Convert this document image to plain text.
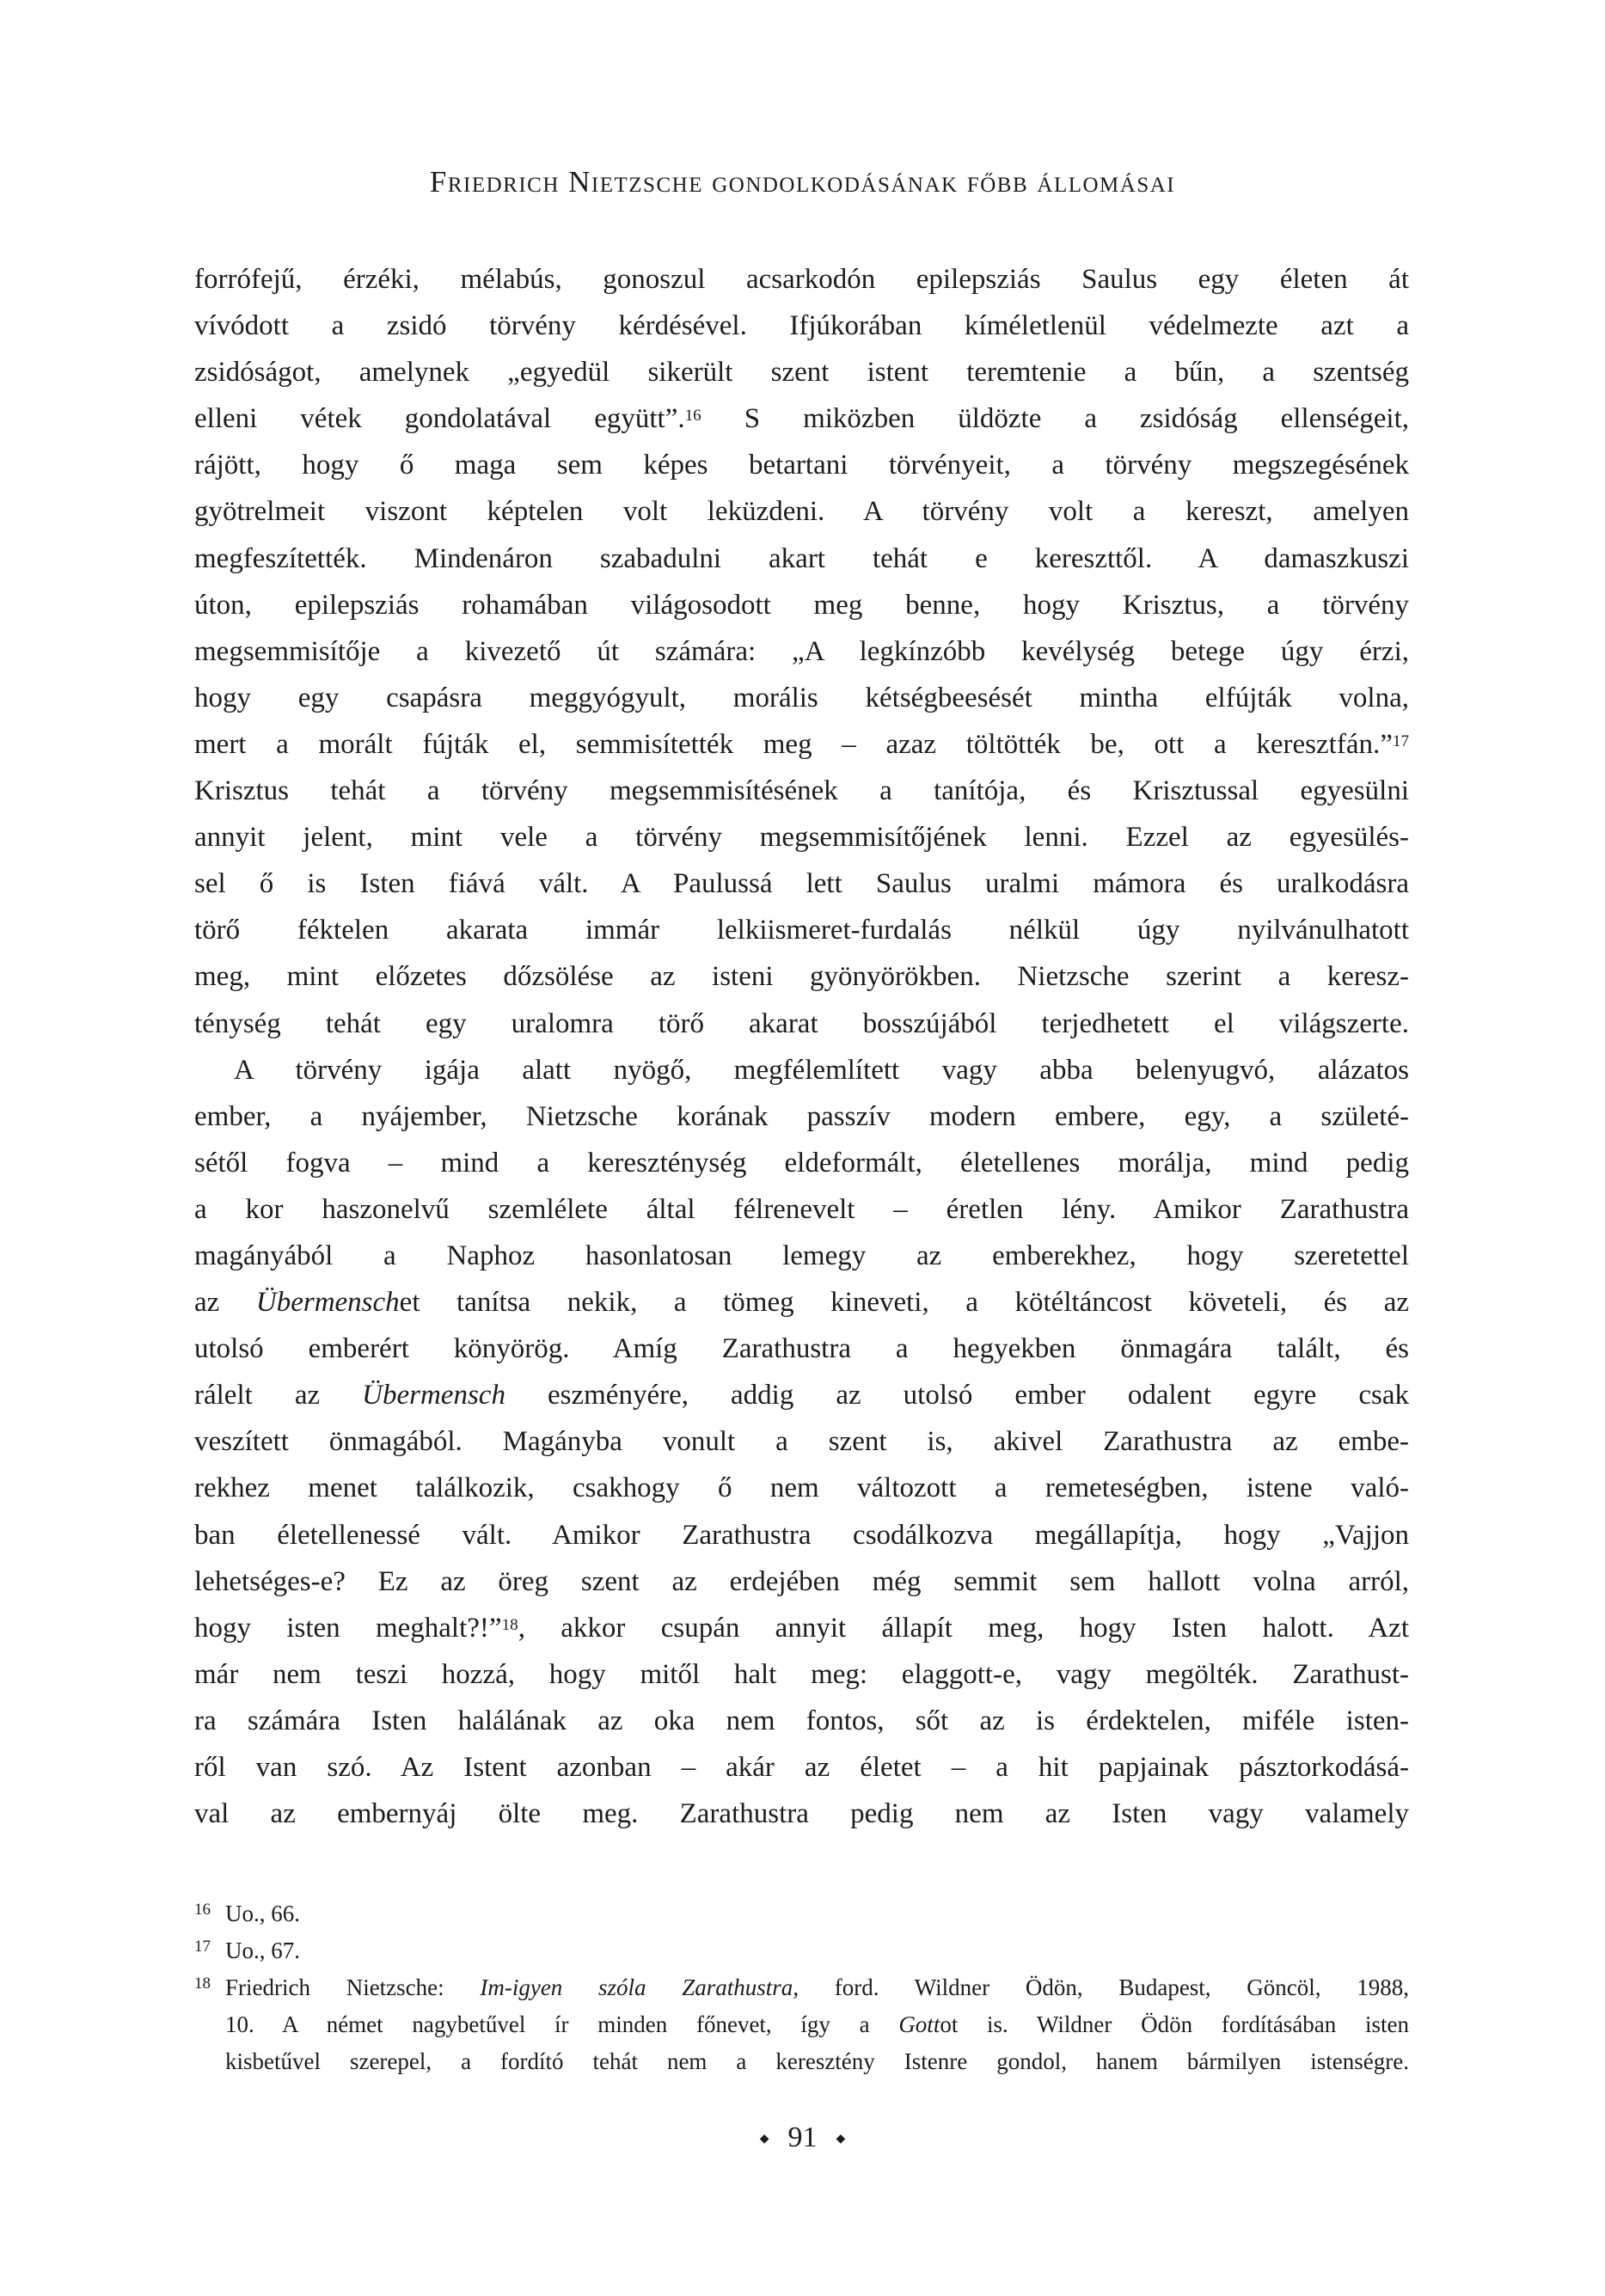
Friedrich Nietzsche gondolkodásának főbb állomásai
forrófejű, érzéki, mélabús, gonoszul acsarkodón epilepsziás Saulus egy életen át
vívódott a zsidó törvény kérdésével. Ifjúkorában kíméletlenül védelmezte azt a
zsidóságot, amelynek „egyedül sikerült szent istent teremtenie a bűn, a szentség
elleni vétek gondolatával együtt”.$^{16}$ S miközben üldözte a zsidóság ellenségeit,
rájött, hogy ő maga sem képes betartani törvényeit, a törvény megszegésének
gyötrelmeit viszont képtelen volt leküzdeni. A törvény volt a kereszt, amelyen
megfeszítették. Mindenáron szabadulni akart tehát e kereszttől. A damaszkuszi
úton, epilepsziás rohamában világosodott meg benne, hogy Krisztus, a törvény
megsemmisítője a kivezető út számára: „A legkínzóbb kevélység betege úgy érzi,
hogy egy csapásra meggyógyult, morális kétségbeesését mintha elfújták volna,
mert a morált fújták el, semmisítették meg – azaz töltötték be, ott a keresztfán.”$^{17}$
Krisztus tehát a törvény megsemmisítésének a tanítója, és Krisztussal egyesülni
annyit jelent, mint vele a törvény megsemmisítőjének lenni. Ezzel az egyesülés-
sel ő is Isten fiává vált. A Paulussá lett Saulus uralmi mámora és uralkodásra
törő féktelen akarata immár lelkiismeret-furdalás nélkül úgy nyilvánulhatott
meg, mint előzetes dőzsölése az isteni gyönyörökben. Nietzsche szerint a keresz-
ténység tehát egy uralomra törő akarat bosszújából terjedhetett el világszerte.
A törvény igája alatt nyögő, megfélemlített vagy abba belenyugvó, alázatos
ember, a nyájember, Nietzsche korának passzív modern embere, egy, a születé-
sétől fogva – mind a kereszténység eldeformált, életellenes morálja, mind pedig
a kor haszonelvű szemlélete által félrenevelt – éretlen lény. Amikor Zarathustra
magányából a Naphoz hasonlatosan lemegy az emberekhez, hogy szeretettel
az Übermenschet tanítsa nekik, a tömeg kineveti, a kötéltáncost követeli, és az
utolsó emberért könyörög. Amíg Zarathustra a hegyekben önmagára talált, és
rálelt az Übermensch eszményére, addig az utolsó ember odalent egyre csak
veszített önmagából. Magányba vonult a szent is, akivel Zarathustra az embe-
rekhez menet találkozik, csakhogy ő nem változott a remeteségben, istene való-
ban életellenessé vált. Amikor Zarathustra csodálkozva megállapítja, hogy „Vajjon
lehetséges-e? Ez az öreg szent az erdejében még semmit sem hallott volna arról,
hogy isten meghalt?!”$^{18}$, akkor csupán annyit állapít meg, hogy Isten halott. Azt
már nem teszi hozzá, hogy mitől halt meg: elaggott-e, vagy megölték. Zarathust-
ra számára Isten halálának az oka nem fontos, sőt az is érdektelen, miféle isten-
ről van szó. Az Istent azonban – akár az életet – a hit papjainak pásztorkodásá-
val az embernyáj ölte meg. Zarathustra pedig nem az Isten vagy valamely
16 Uo., 66.
17 Uo., 67.
18 Friedrich Nietzsche: Im-igyen szóla Zarathustra, ford. Wildner Ödön, Budapest, Göncöl, 1988,
10. A német nagybetűvel ír minden főnevet, így a Gottot is. Wildner Ödön fordításában isten
kisbetűvel szerepel, a fordító tehát nem a keresztény Istenre gondol, hanem bármilyen istenségre.
◆ 91 ◆
